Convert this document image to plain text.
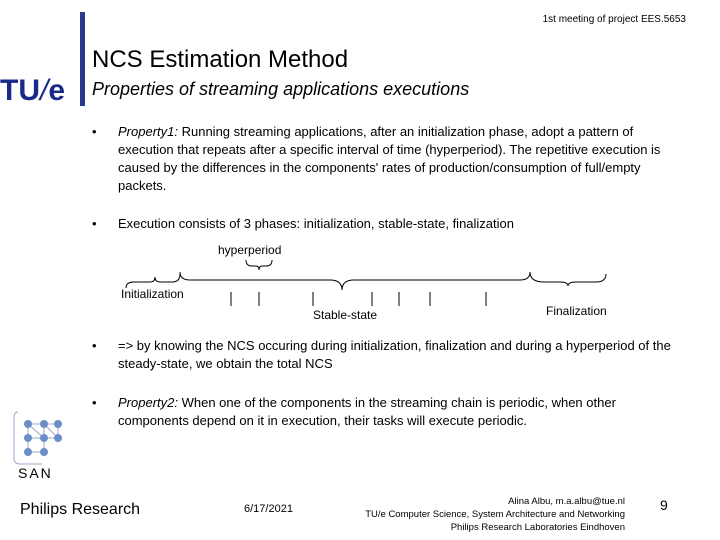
1st meeting of project EES.5653
NCS Estimation Method
Properties of streaming applications executions
TU/e
• Property1: Running streaming applications, after an initialization phase, adopt a pattern of execution that repeats after a specific interval of time (hyperperiod). The repetitive execution is caused by the differences in the components' rates of production/consumption of full/empty packets.
• Execution consists of 3 phases: initialization, stable-state, finalization
hyperperiod
Initialization
Stable-state	Finalization
• => by knowing the NCS occuring during initialization, finalization and during a hyperperiod of the steady-state, we obtain the total NCS
• Property2: When one of the components in the streaming chain is periodic, when other components depend on it in execution, their tasks will execute periodic.
SAN
Philips Research	6/17/2021
Alina Albu, m.a.albu@tue.nl
TU/e Computer Science, System Architecture and Networking
Philips Research Laboratories Eindhoven
9
